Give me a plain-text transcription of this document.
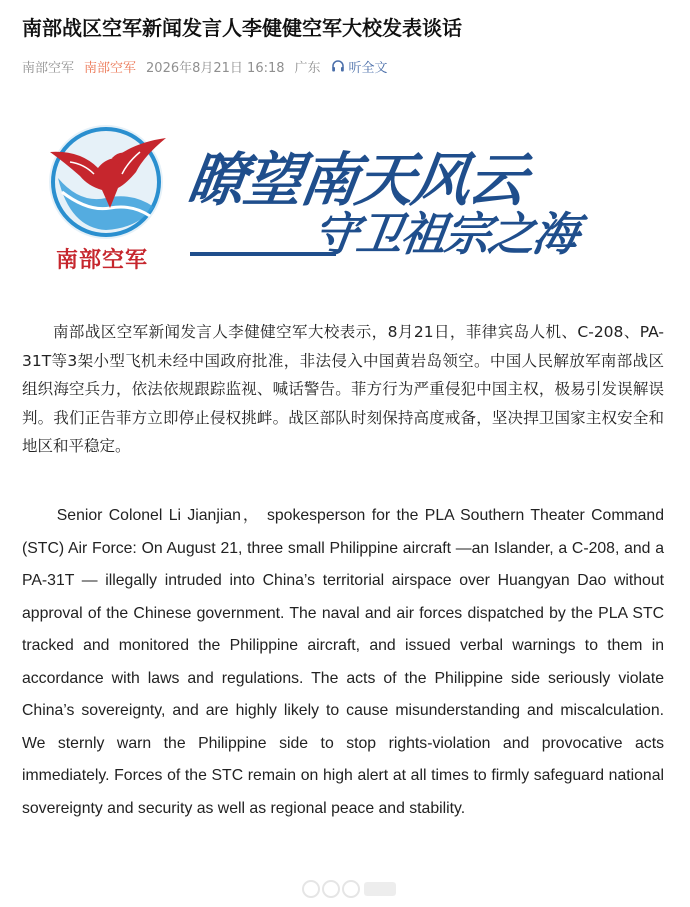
南部战区空军新闻发言人李健健空军大校发表谈话
南部空军 南部空军 2026年8月21日 16:18 广东 听全文
瞭望南天风云
守卫祖宗之海
南部空军

南部战区空军新闻发言人李健健空军大校表示，8月21日，菲律宾岛人机、C-208、PA-31T等3架小型飞机未经中国政府批准，非法侵入中国黄岩岛领空。中国人民解放军南部战区组织海空兵力，依法依规跟踪监视、喊话警告。菲方行为严重侵犯中国主权，极易引发误解误判。我们正告菲方立即停止侵权挑衅。战区部队时刻保持高度戒备，坚决捍卫国家主权安全和地区和平稳定。

Senior Colonel Li Jianjian， spokesperson for the PLA Southern Theater Command (STC) Air Force: On August 21, three small Philippine aircraft —an Islander, a C-208, and a PA-31T — illegally intruded into China’s territorial airspace over Huangyan Dao without approval of the Chinese government. The naval and air forces dispatched by the PLA STC tracked and monitored the Philippine aircraft, and issued verbal warnings to them in accordance with laws and regulations. The acts of the Philippine side seriously violate China’s sovereignty, and are highly likely to cause misunderstanding and miscalculation. We sternly warn the Philippine side to stop rights-violation and provocative acts immediately. Forces of the STC remain on high alert at all times to firmly safeguard national sovereignty and security as well as regional peace and stability.
